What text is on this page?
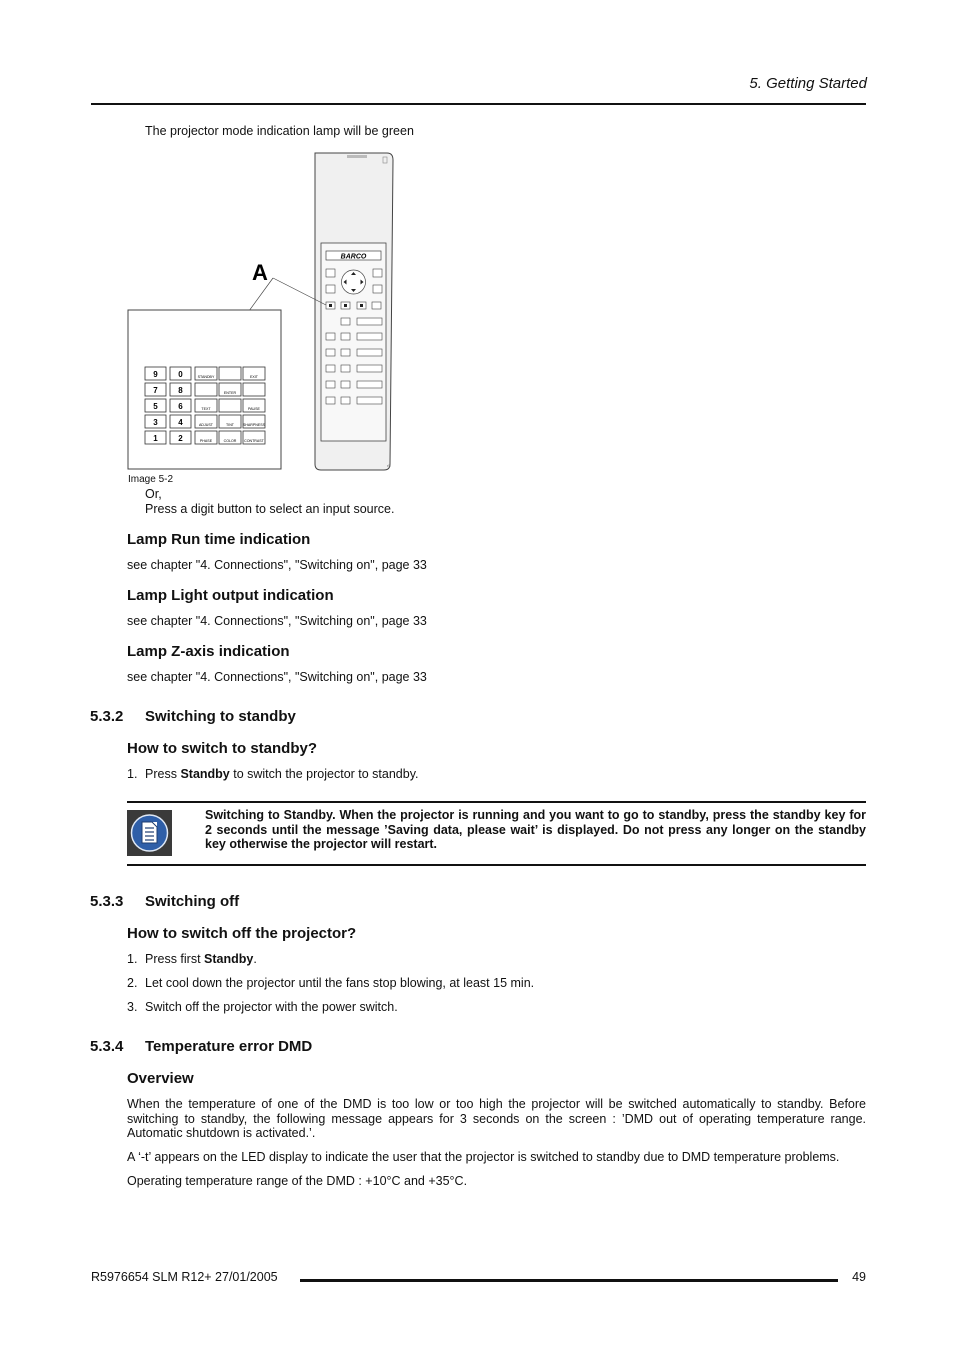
5. Getting Started
The projector mode indication lamp will be green
BARCO
r5
A
9	0
7	8
5	6
3	4
1	2
STANDBY	EXIT
ENTER
TEXT	PAUSE
ADJUST	TINT SHARPNESS
PHASE	COLOR CONTRAST
Image 5-2
Or,
Press a digit button to select an input source.
Lamp Run time indication
see chapter "4. Connections", "Switching on", page 33
Lamp Light output indication
see chapter "4. Connections", "Switching on", page 33
Lamp Z-axis indication
see chapter "4. Connections", "Switching on", page 33
5.3.2 Switching to standby
How to switch to standby?
1. Press Standby to switch the projector to standby.
Switching to Standby. When the projector is running and you want to go to standby, press the standby key for 2 seconds until the message ’Saving data, please wait’ is displayed. Do not press any longer on the standby key otherwise the projector will restart.
5.3.3 Switching off
How to switch off the projector?
1. Press first Standby.
2. Let cool down the projector until the fans stop blowing, at least 15 min.
3. Switch off the projector with the power switch.
5.3.4 Temperature error DMD
Overview
When the temperature of one of the DMD is too low or too high the projector will be switched automatically to standby. Before switching to standby, the following message appears for 3 seconds on the screen : ’DMD out of operating temperature range. Automatic shutdown is activated.’.
A ‘-t’ appears on the LED display to indicate the user that the projector is switched to standby due to DMD temperature problems.
Operating temperature range of the DMD : +10°C and +35°C.
R5976654 SLM R12+ 27/01/2005	49
